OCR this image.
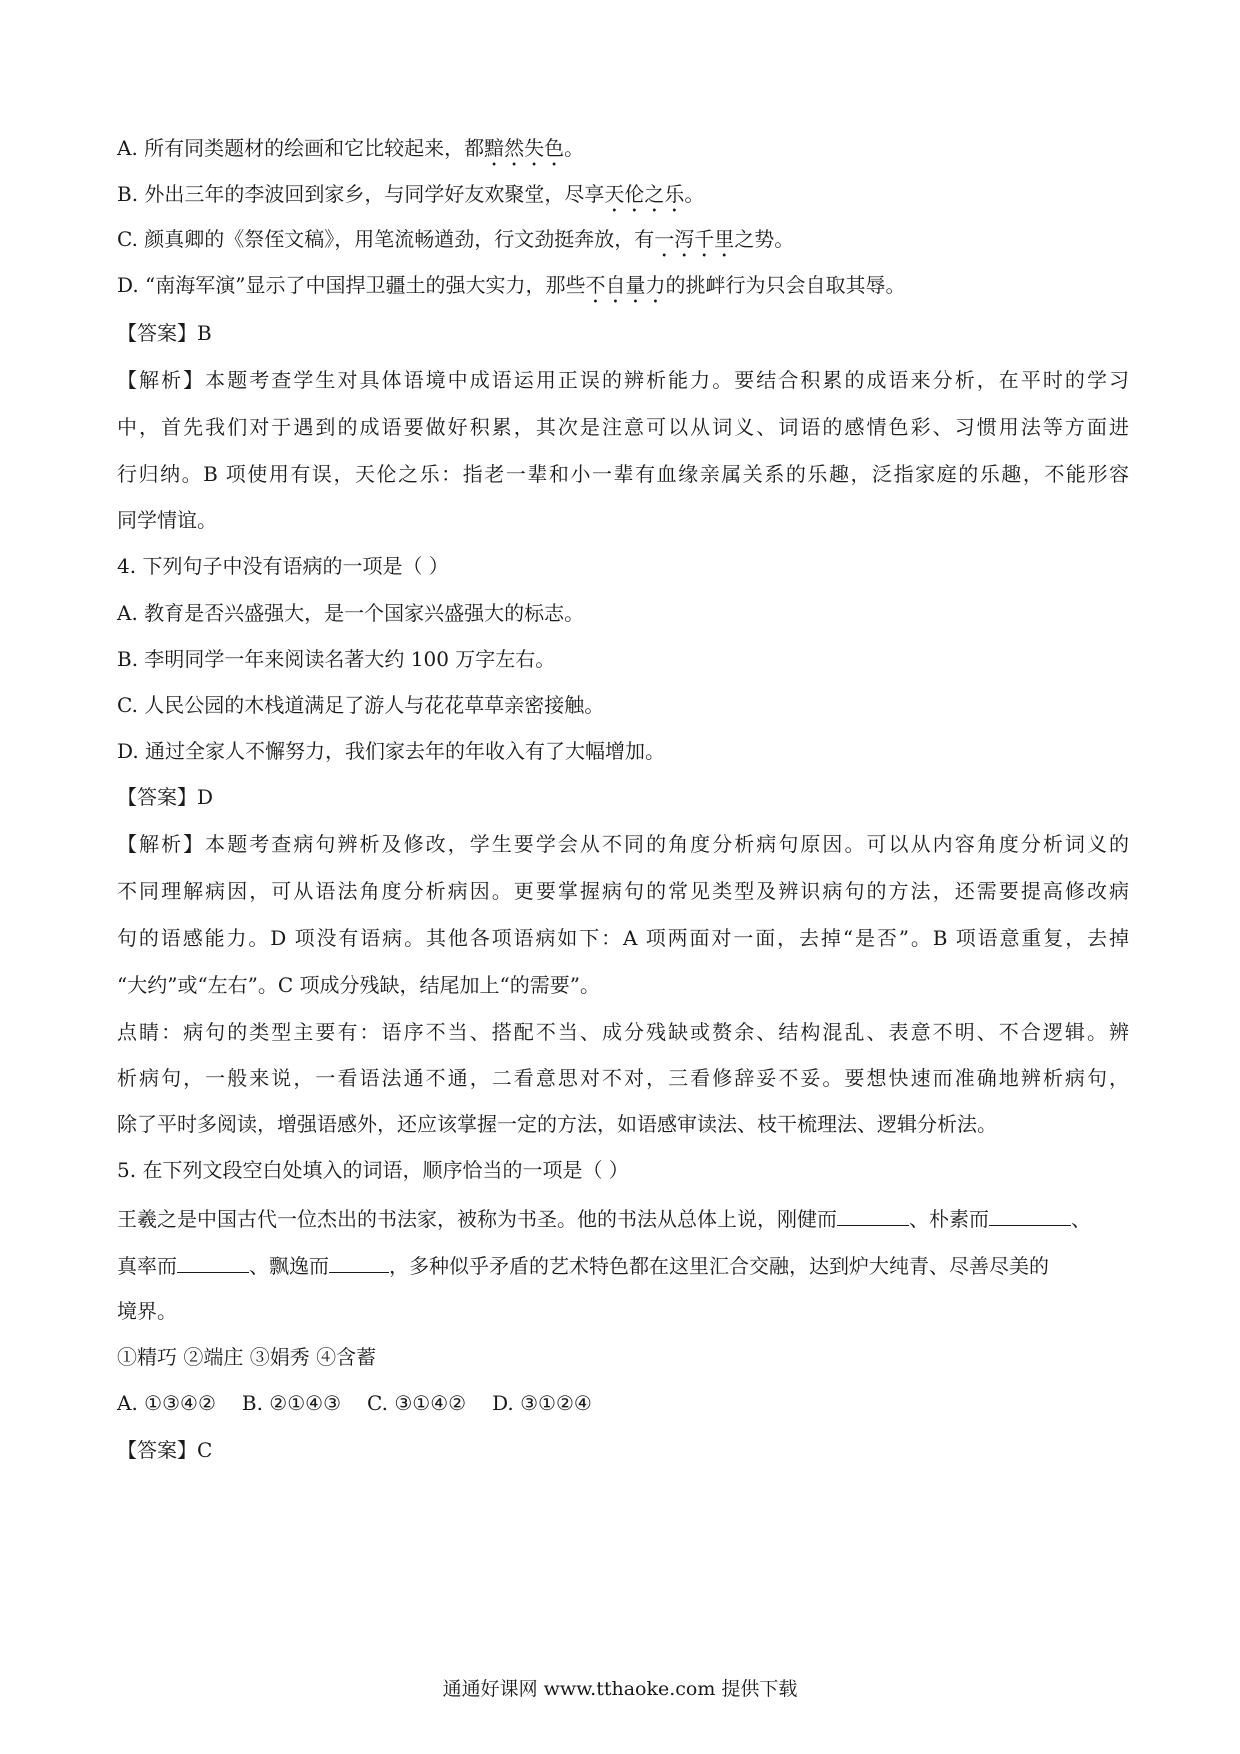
A. 所有同类题材的绘画和它比较起来，都黯然失色。
B. 外出三年的李波回到家乡，与同学好友欢聚堂，尽享天伦之乐。
C. 颜真卿的《祭侄文稿》，用笔流畅遒劲，行文劲挺奔放，有一泻千里之势。
D. “南海军演”显示了中国捍卫疆土的强大实力，那些不自量力的挑衅行为只会自取其辱。
【答案】B
【解析】本题考查学生对具体语境中成语运用正误的辨析能力。要结合积累的成语来分析，在平时的学习
中，首先我们对于遇到的成语要做好积累，其次是注意可以从词义、词语的感情色彩、习惯用法等方面进
行归纳。B 项使用有误，天伦之乐：指老一辈和小一辈有血缘亲属关系的乐趣，泛指家庭的乐趣，不能形容
同学情谊。
4. 下列句子中没有语病的一项是（ ）
A. 教育是否兴盛强大，是一个国家兴盛强大的标志。
B. 李明同学一年来阅读名著大约 100 万字左右。
C. 人民公园的木栈道满足了游人与花花草草亲密接触。
D. 通过全家人不懈努力，我们家去年的年收入有了大幅增加。
【答案】D
【解析】本题考查病句辨析及修改，学生要学会从不同的角度分析病句原因。可以从内容角度分析词义的
不同理解病因，可从语法角度分析病因。更要掌握病句的常见类型及辨识病句的方法，还需要提高修改病
句的语感能力。D 项没有语病。其他各项语病如下：A 项两面对一面，去掉“是否”。B 项语意重复，去掉
“大约”或“左右”。C 项成分残缺，结尾加上“的需要”。
点睛：病句的类型主要有：语序不当、搭配不当、成分残缺或赘余、结构混乱、表意不明、不合逻辑。辨
析病句，一般来说，一看语法通不通，二看意思对不对，三看修辞妥不妥。要想快速而准确地辨析病句，
除了平时多阅读，增强语感外，还应该掌握一定的方法，如语感审读法、枝干梳理法、逻辑分析法。
5. 在下列文段空白处填入的词语，顺序恰当的一项是（ ）
王羲之是中国古代一位杰出的书法家，被称为书圣。他的书法从总体上说，刚健而	、朴素而	、
真率而	、飘逸而	，多种似乎矛盾的艺术特色都在这里汇合交融，达到炉大纯青、尽善尽美的
境界。
①精巧 ②端庄 ③娟秀 ④含蓄
A. ①③④② B. ②①④③ C. ③①④② D. ③①②④
【答案】C
通通好课网 www.tthaoke.com 提供下载
